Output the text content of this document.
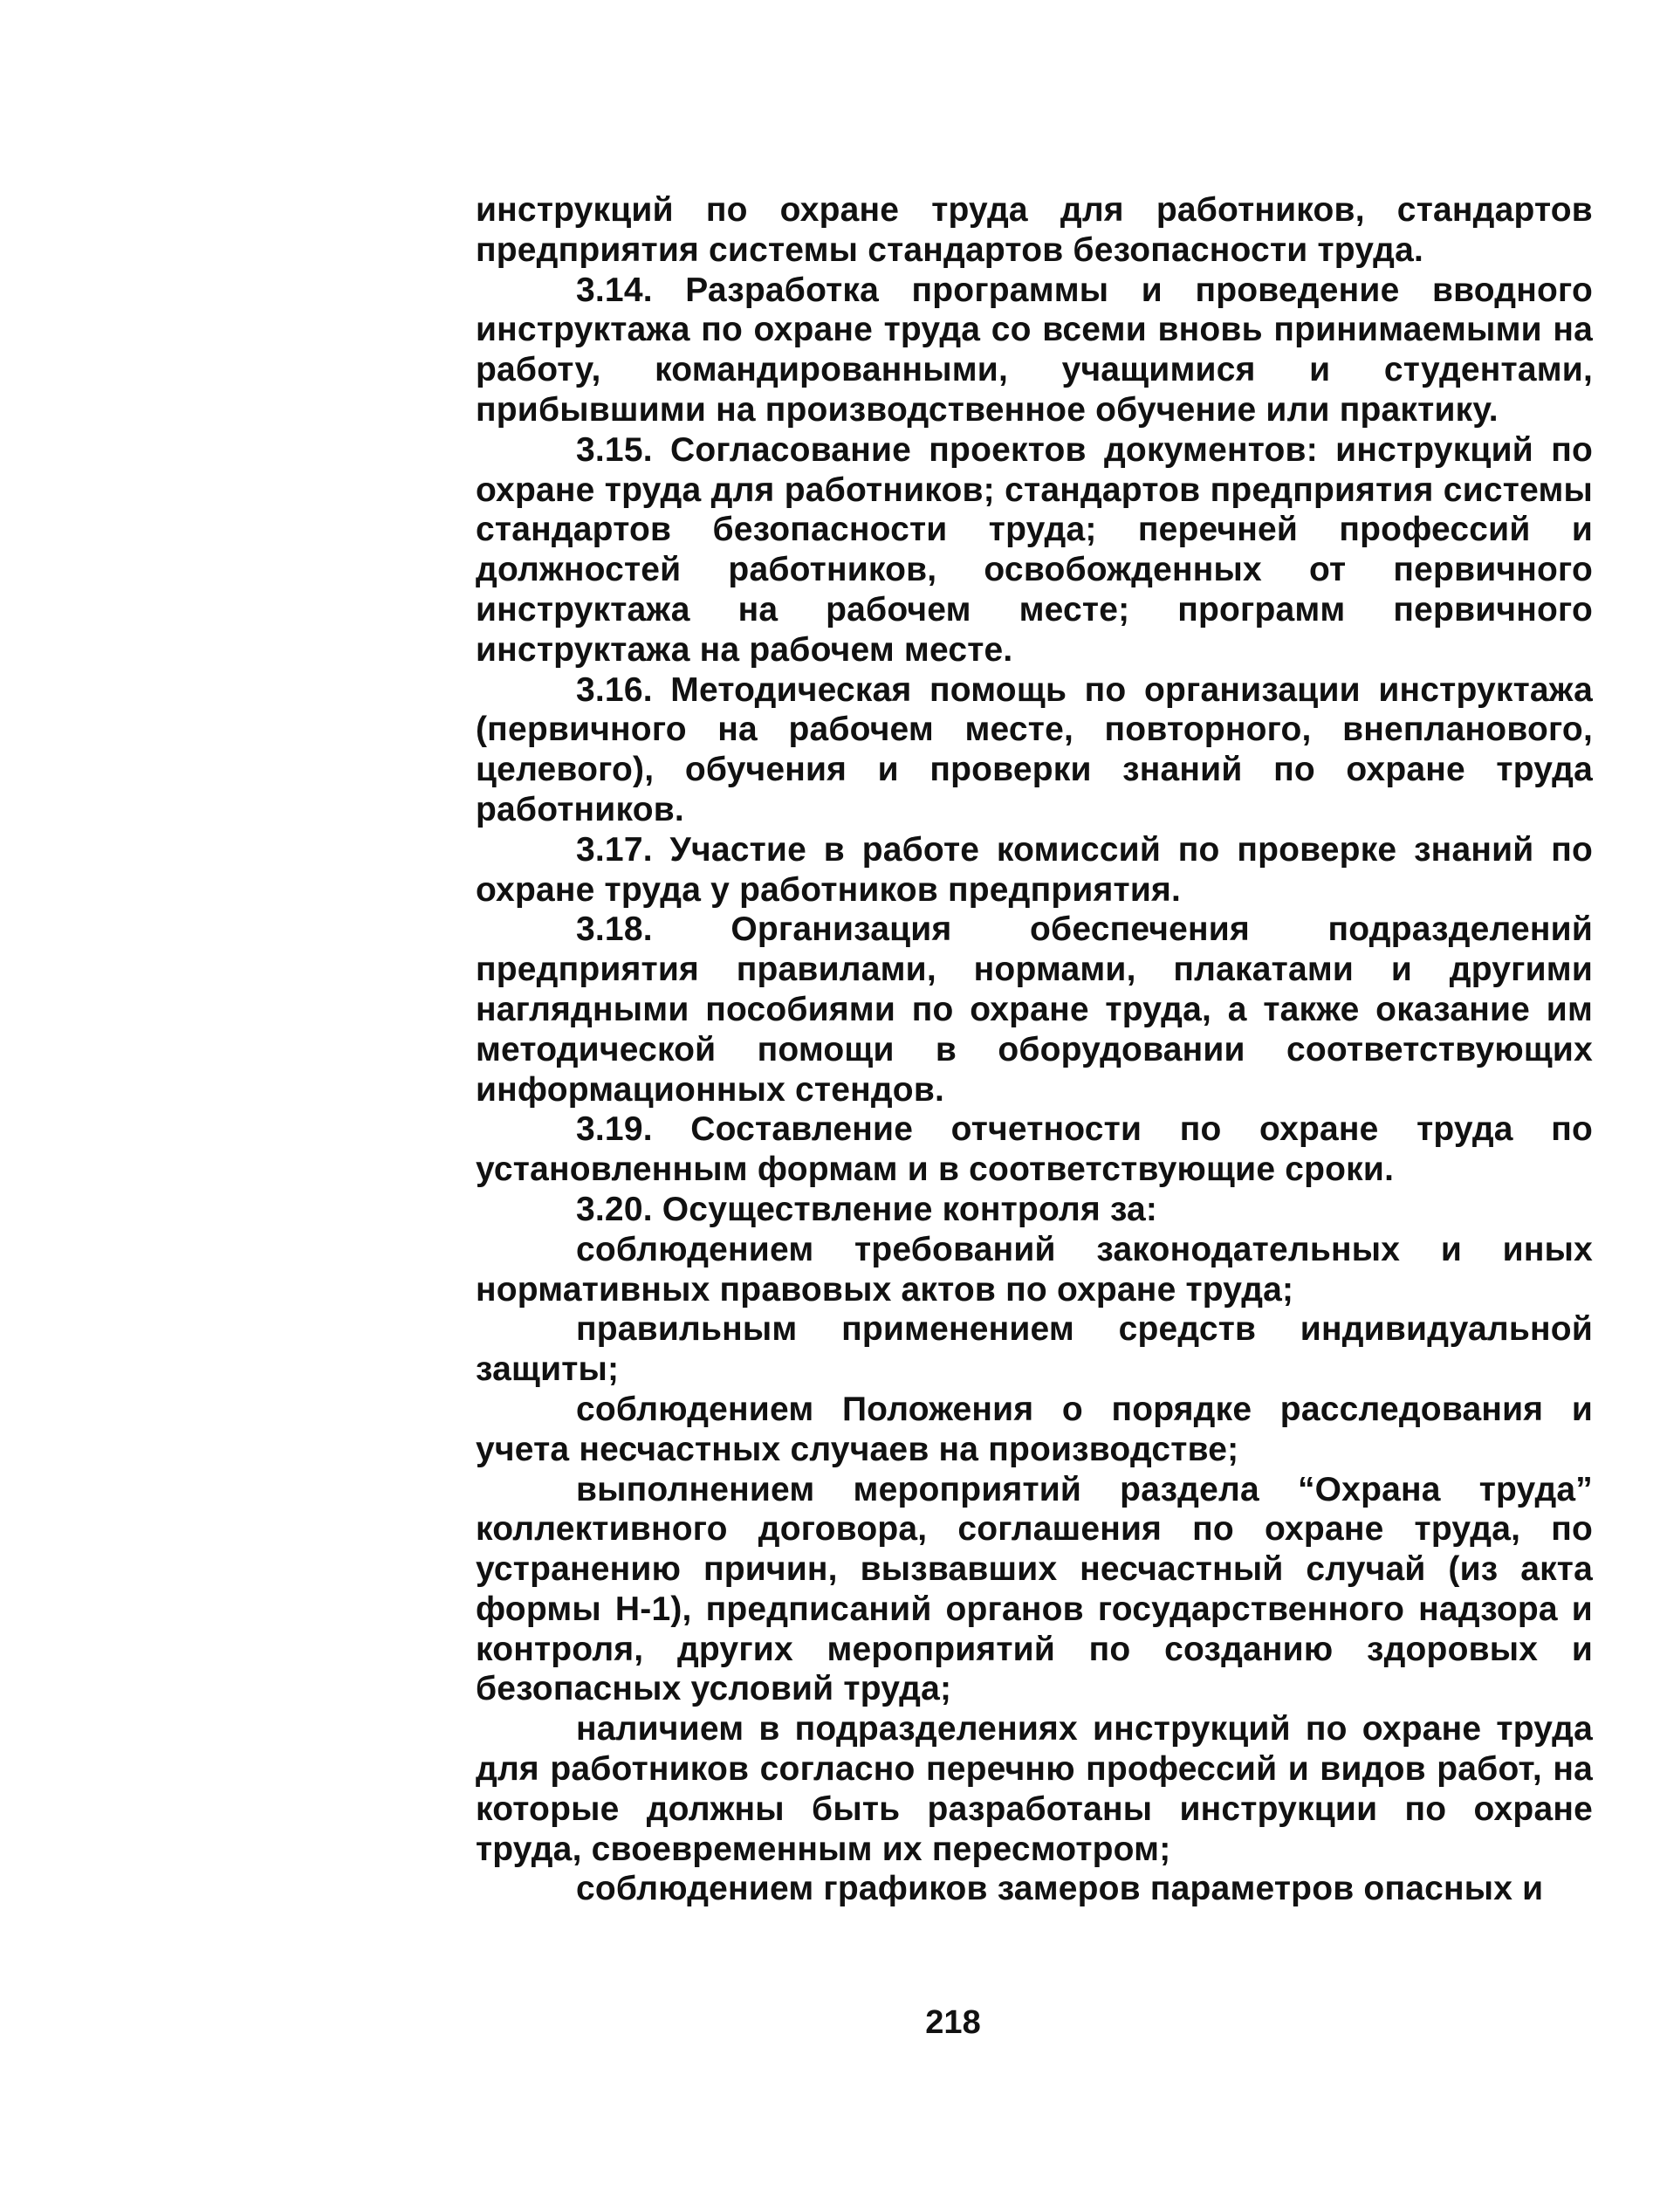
инструкций по охране труда для работников, стандартов предприятия системы стандартов безопасности труда.

3.14. Разработка программы и проведение вводного инструктажа по охране труда со всеми вновь принимаемыми на работу, командированными, учащимися и студентами, прибывшими на производственное обучение или практику.

3.15. Согласование проектов документов: инструкций по охране труда для работников; стандартов предприятия системы стандартов безопасности труда; перечней профессий и должностей работников, освобожденных от первичного инструктажа на рабочем месте; программ первичного инструктажа на рабочем месте.

3.16. Методическая помощь по организации инструктажа (первичного на рабочем месте, повторного, внепланового, целевого), обучения и проверки знаний по охране труда работников.

3.17. Участие в работе комиссий по проверке знаний по охране труда у работников предприятия.

3.18. Организация обеспечения подразделений предприятия правилами, нормами, плакатами и другими наглядными пособиями по охране труда, а также оказание им методической помощи в оборудовании соответствующих информационных стендов.

3.19. Составление отчетности по охране труда по установленным формам и в соответствующие сроки.

3.20. Осуществление контроля за:

соблюдением требований законодательных и иных нормативных правовых актов по охране труда;

правильным применением средств индивидуальной защиты;

соблюдением Положения о порядке расследования и учета несчастных случаев на производстве;

выполнением мероприятий раздела “Охрана труда” коллективного договора, соглашения по охране труда, по устранению причин, вызвавших несчастный случай (из акта формы Н-1), предписаний органов государственного надзора и контроля, других мероприятий по созданию здоровых и безопасных условий труда;

наличием в подразделениях инструкций по охране труда для работников согласно перечню профессий и видов работ, на которые должны быть разработаны инструкции по охране труда, своевременным их пересмотром;

соблюдением графиков замеров параметров опасных и

218
